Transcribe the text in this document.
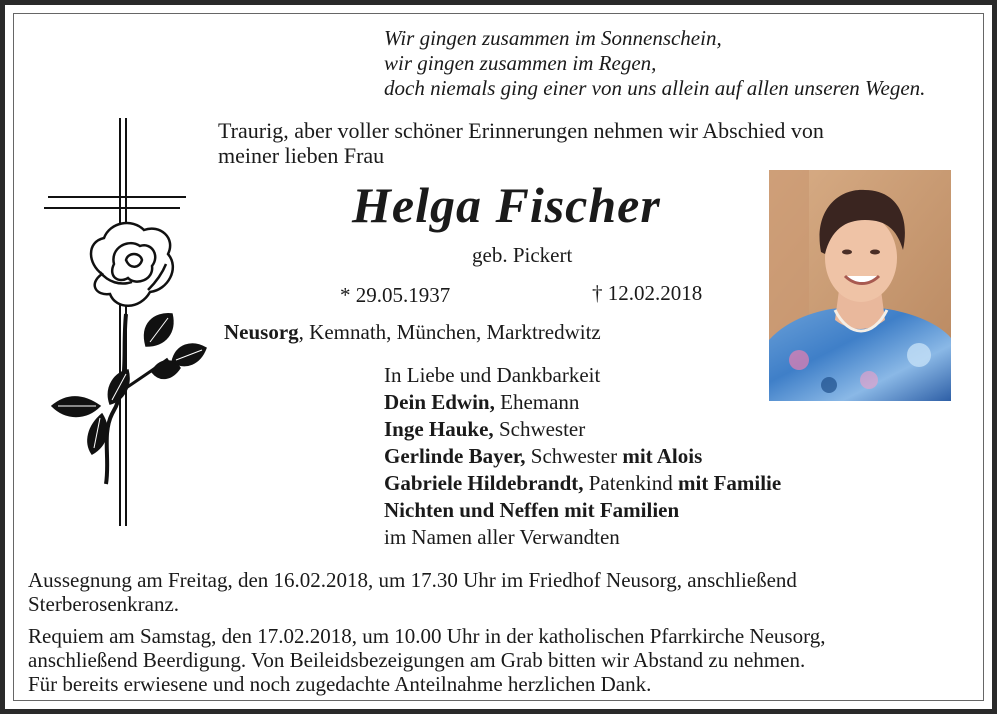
Wir gingen zusammen im Sonnenschein,
wir gingen zusammen im Regen,
doch niemals ging einer von uns allein auf allen unseren Wegen.
Traurig, aber voller schöner Erinnerungen nehmen wir Abschied von
meiner lieben Frau
Helga Fischer
geb. Pickert
* 29.05.1937	† 12.02.2018
Neusorg, Kemnath, München, Marktredwitz
In Liebe und Dankbarkeit
Dein Edwin, Ehemann
Inge Hauke, Schwester
Gerlinde Bayer, Schwester mit Alois
Gabriele Hildebrandt, Patenkind mit Familie
Nichten und Neffen mit Familien
im Namen aller Verwandten
Aussegnung am Freitag, den 16.02.2018, um 17.30 Uhr im Friedhof Neusorg, anschließend
Sterberosenkranz.
Requiem am Samstag, den 17.02.2018, um 10.00 Uhr in der katholischen Pfarrkirche Neusorg,
anschließend Beerdigung. Von Beileidsbezeigungen am Grab bitten wir Abstand zu nehmen.
Für bereits erwiesene und noch zugedachte Anteilnahme herzlichen Dank.
